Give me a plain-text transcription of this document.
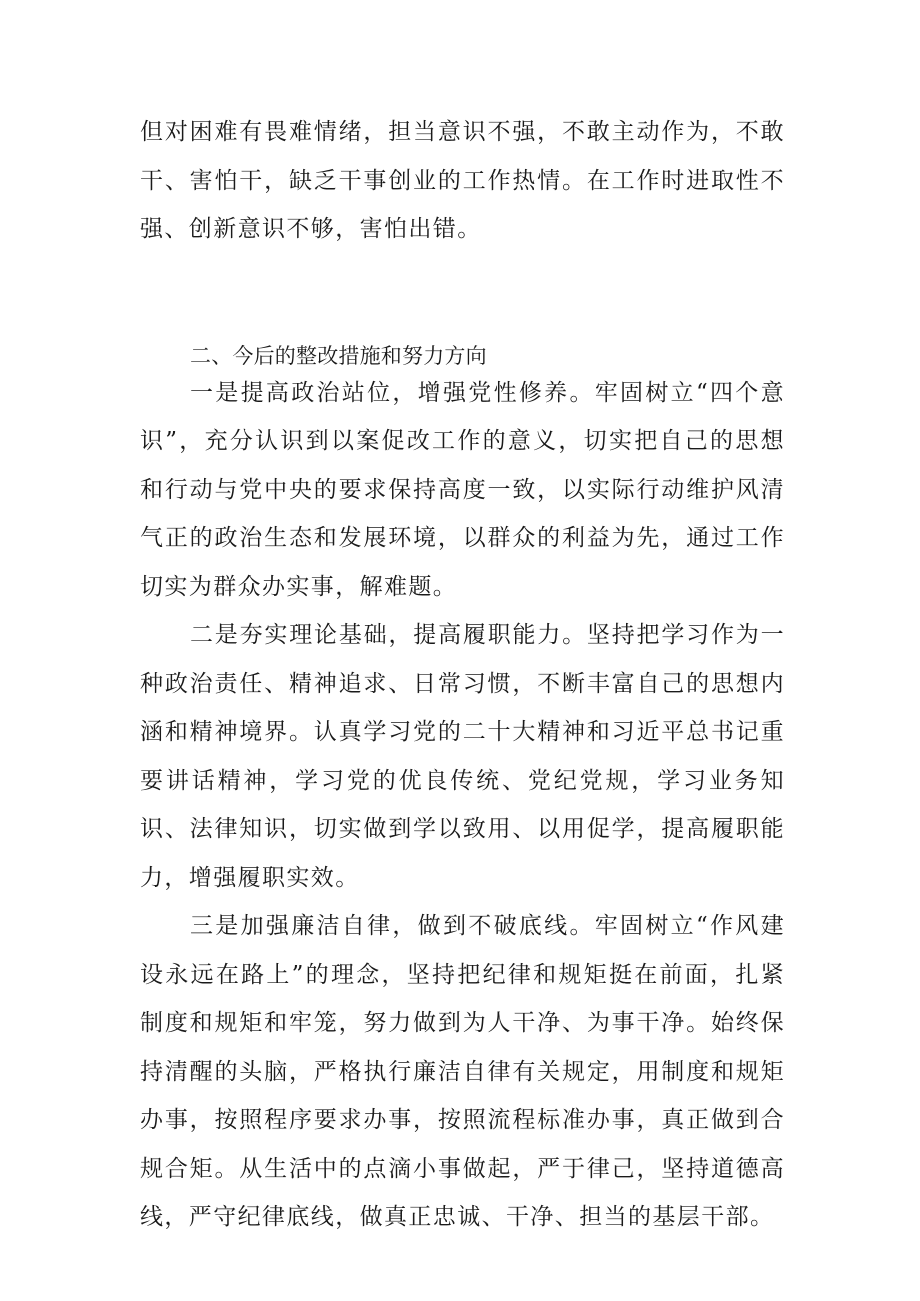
但对困难有畏难情绪，担当意识不强，不敢主动作为，不敢干、害怕干，缺乏干事创业的工作热情。在工作时进取性不强、创新意识不够，害怕出错。

二、今后的整改措施和努力方向

一是提高政治站位，增强党性修养。牢固树立“四个意识”，充分认识到以案促改工作的意义，切实把自己的思想和行动与党中央的要求保持高度一致，以实际行动维护风清气正的政治生态和发展环境，以群众的利益为先，通过工作切实为群众办实事，解难题。

二是夯实理论基础，提高履职能力。坚持把学习作为一种政治责任、精神追求、日常习惯，不断丰富自己的思想内涵和精神境界。认真学习党的二十大精神和习近平总书记重要讲话精神，学习党的优良传统、党纪党规，学习业务知识、法律知识，切实做到学以致用、以用促学，提高履职能力，增强履职实效。

三是加强廉洁自律，做到不破底线。牢固树立“作风建设永远在路上”的理念，坚持把纪律和规矩挺在前面，扎紧制度和规矩和牢笼，努力做到为人干净、为事干净。始终保持清醒的头脑，严格执行廉洁自律有关规定，用制度和规矩办事，按照程序要求办事，按照流程标准办事，真正做到合规合矩。从生活中的点滴小事做起，严于律己，坚持道德高线，严守纪律底线，做真正忠诚、干净、担当的基层干部。
